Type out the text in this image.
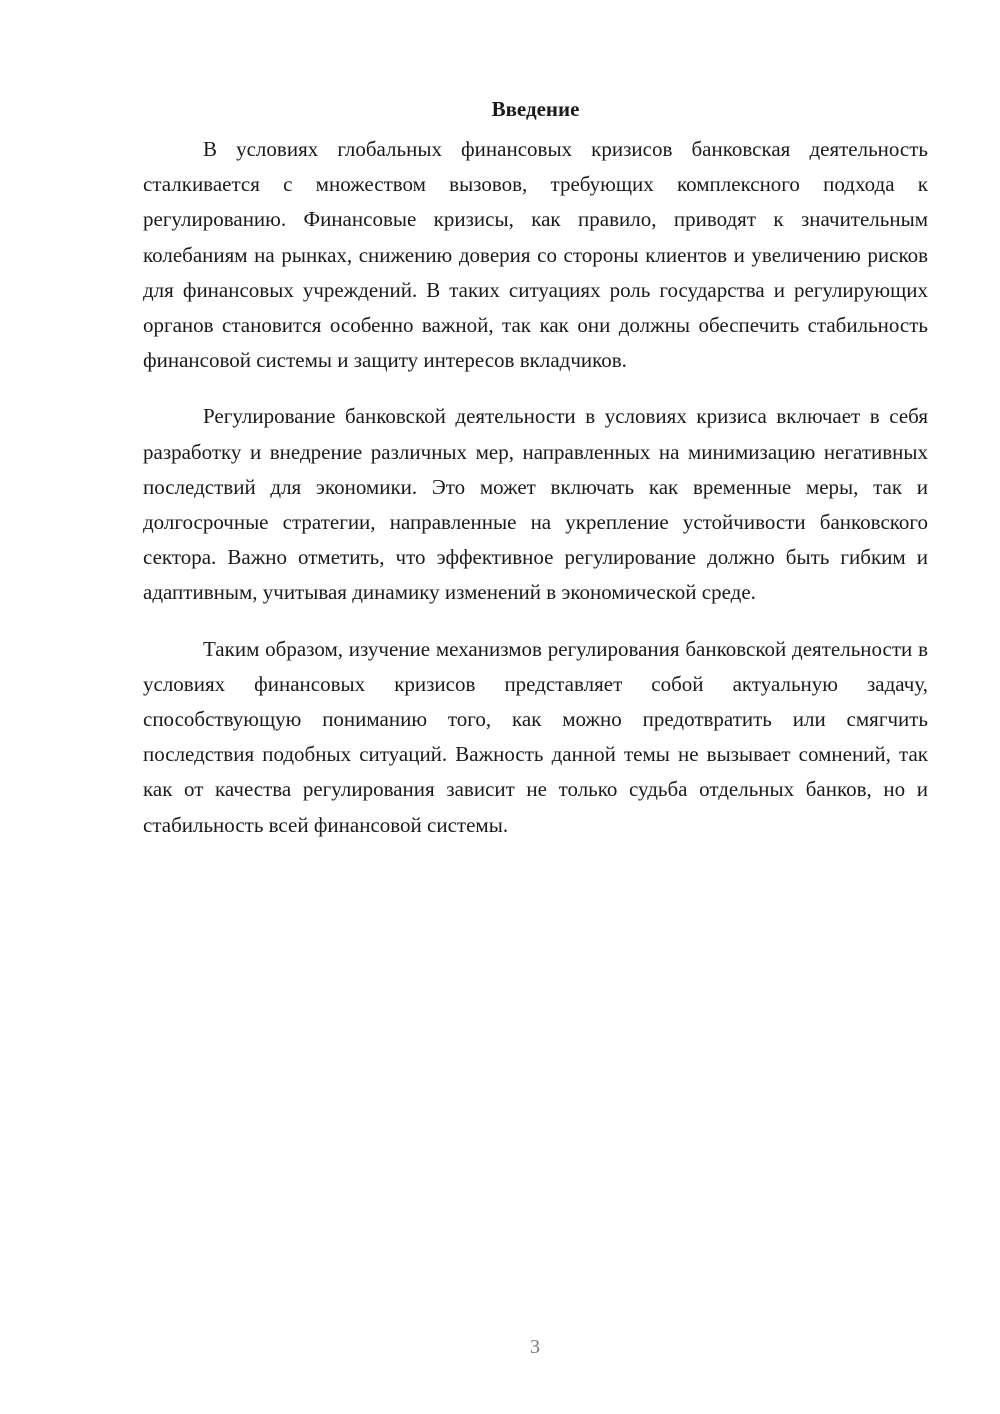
Введение

В условиях глобальных финансовых кризисов банковская деятельность сталкивается с множеством вызовов, требующих комплексного подхода к регулированию. Финансовые кризисы, как правило, приводят к значительным колебаниям на рынках, снижению доверия со стороны клиентов и увеличению рисков для финансовых учреждений. В таких ситуациях роль государства и регулирующих органов становится особенно важной, так как они должны обеспечить стабильность финансовой системы и защиту интересов вкладчиков.

Регулирование банковской деятельности в условиях кризиса включает в себя разработку и внедрение различных мер, направленных на минимизацию негативных последствий для экономики. Это может включать как временные меры, так и долгосрочные стратегии, направленные на укрепление устойчивости банковского сектора. Важно отметить, что эффективное регулирование должно быть гибким и адаптивным, учитывая динамику изменений в экономической среде.

Таким образом, изучение механизмов регулирования банковской деятельности в условиях финансовых кризисов представляет собой актуальную задачу, способствующую пониманию того, как можно предотвратить или смягчить последствия подобных ситуаций. Важность данной темы не вызывает сомнений, так как от качества регулирования зависит не только судьба отдельных банков, но и стабильность всей финансовой системы.

3
